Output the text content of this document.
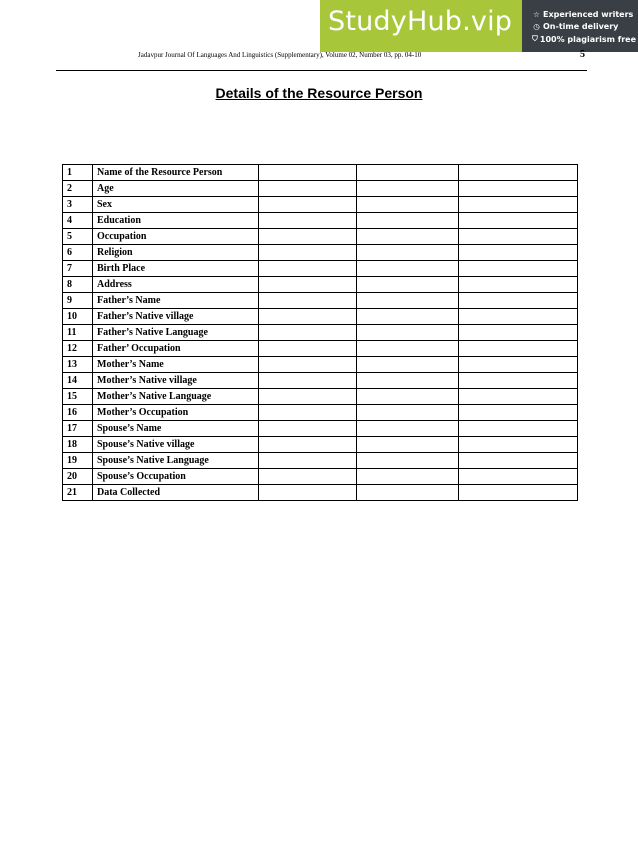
StudyHub.vip	☆ Experienced writers
◷ On-time delivery
⛉ 100% plagiarism free
Jadavpur Journal Of Languages And Linguistics (Supplementary), Volume 02, Number 03, pp. 04-10	5
Details of the Resource Person
1	Name of the Resource Person			
2	Age			
3	Sex			
4	Education			
5	Occupation			
6	Religion			
7	Birth Place			
8	Address			
9	Father’s Name			
10	Father’s Native village			
11	Father’s Native Language			
12	Father’ Occupation			
13	Mother’s Name			
14	Mother’s Native village			
15	Mother’s Native Language			
16	Mother’s Occupation			
17	Spouse’s Name			
18	Spouse’s Native village			
19	Spouse’s Native Language			
20	Spouse’s Occupation			
21	Data Collected			
